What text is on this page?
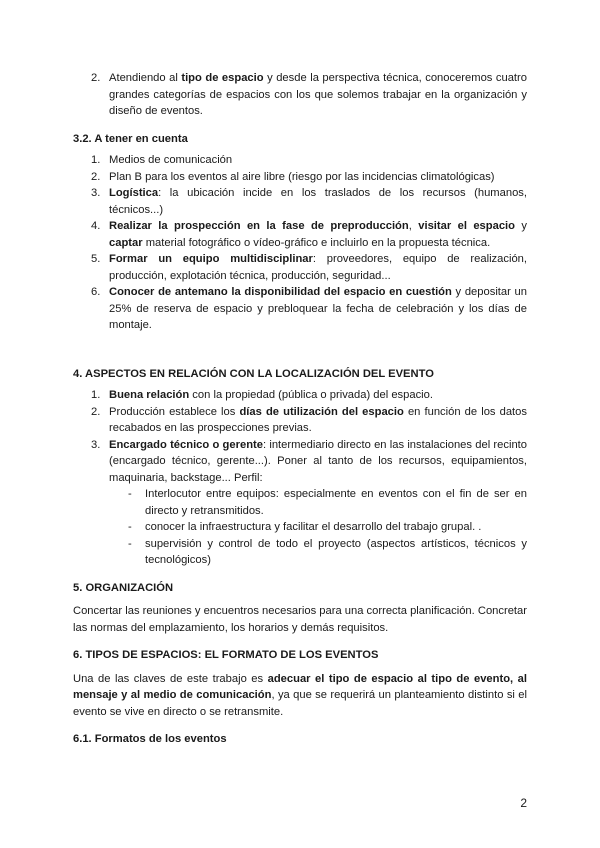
2. Atendiendo al tipo de espacio y desde la perspectiva técnica, conoceremos cuatro grandes categorías de espacios con los que solemos trabajar en la organización y diseño de eventos.

3.2. A tener en cuenta

1. Medios de comunicación
2. Plan B para los eventos al aire libre (riesgo por las incidencias climatológicas)
3. Logística: la ubicación incide en los traslados de los recursos (humanos, técnicos...)
4. Realizar la prospección en la fase de preproducción, visitar el espacio y captar material fotográfico o vídeo-gráfico e incluirlo en la propuesta técnica.
5. Formar un equipo multidisciplinar: proveedores, equipo de realización, producción, explotación técnica, producción, seguridad...
6. Conocer de antemano la disponibilidad del espacio en cuestión y depositar un 25% de reserva de espacio y prebloquear la fecha de celebración y los días de montaje.

4. ASPECTOS EN RELACIÓN CON LA LOCALIZACIÓN DEL EVENTO

1. Buena relación con la propiedad (pública o privada) del espacio.
2. Producción establece los días de utilización del espacio en función de los datos recabados en las prospecciones previas.
3. Encargado técnico o gerente: intermediario directo en las instalaciones del recinto (encargado técnico, gerente...). Poner al tanto de los recursos, equipamientos, maquinaria, backstage... Perfil:
- Interlocutor entre equipos: especialmente en eventos con el fin de ser en directo y retransmitidos.
- conocer la infraestructura y facilitar el desarrollo del trabajo grupal. .
- supervisión y control de todo el proyecto (aspectos artísticos, técnicos y tecnológicos)

5. ORGANIZACIÓN

Concertar las reuniones y encuentros necesarios para una correcta planificación. Concretar las normas del emplazamiento, los horarios y demás requisitos.

6. TIPOS DE ESPACIOS: EL FORMATO DE LOS EVENTOS

Una de las claves de este trabajo es adecuar el tipo de espacio al tipo de evento, al mensaje y al medio de comunicación, ya que se requerirá un planteamiento distinto si el evento se vive en directo o se retransmite.

6.1. Formatos de los eventos

2
